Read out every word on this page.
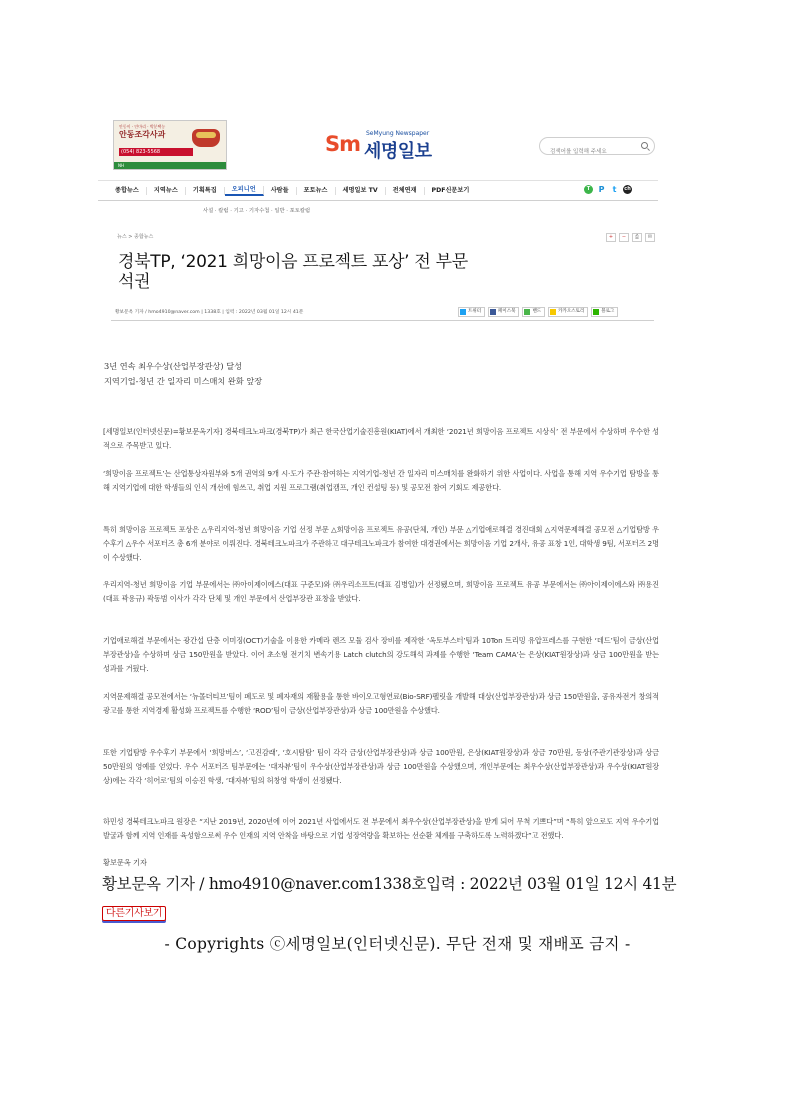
안동이 · 안마리 · 박분택농
안동조각사과
(054) 823-5568
NH
Sm SeMyung Newspaper
세명일보
검색어를 입력해 주세요
종합뉴스	지역뉴스	기획특집	오피니언	사람들	포토뉴스	세명일보 TV	전체연재	PDF신문보기	T	P	t	ch
사설 · 칼럼 · 기고 · 기자수첩 · 일반 · 포토칼럼
뉴스 > 종합뉴스	+	−	⎙	✉
경북TP, ‘2021 희망이음 프로젝트 포상’ 전 부문 석권
황보문옥 기자 / hmo4910@naver.com | 1338호 | 입력 : 2022년 03월 01일 12시 41분	트위터	페이스북	밴드	카카오스토리	블로그
3년 연속 최우수상(산업부장관상) 달성
지역기업-청년 간 일자리 미스매치 완화 앞장
[세명일보(인터넷신문)=황보문옥기자] 경북테크노파크(경북TP)가 최근 한국산업기술진흥원(KIAT)에서 개최한 ‘2021년 희망이음 프로젝트 시상식’ 전 부문에서 수상하며 우수한 성적으로 주목받고 있다.
‘희망이음 프로젝트’는 산업통상자원부와 5개 권역의 9개 시·도가 주관·참여하는 지역기업-청년 간 일자리 미스매치를 완화하기 위한 사업이다. 사업을 통해 지역 우수기업 탐방을 통해 지역기업에 대한 학생들의 인식 개선에 힘쓰고, 취업 지원 프로그램(취업캠프, 개인 컨설팅 등) 및 공모전 참여 기회도 제공한다.
특히 희망이음 프로젝트 포상은 △우리지역-청년 희망이음 기업 선정 부문 △희망이음 프로젝트 유공(단체, 개인) 부문 △기업애로해결 경진대회 △지역문제해결 공모전 △기업탐방 우수후기 △우수 서포터즈 총 6개 분야로 이뤄진다. 경북테크노파크가 주관하고 대구테크노파크가 참여한 대경권에서는 희망이음 기업 2개사, 유공 표창 1인, 대학생 9팀, 서포터즈 2명이 수상했다.
우리지역-청년 희망이음 기업 부문에서는 ㈜아이제이에스(대표 구준모)와 ㈜우리소프트(대표 김병일)가 선정됐으며, 희망이음 프로젝트 유공 부문에서는 ㈜아이제이에스와 ㈜용진(대표 곽용규) 곽동범 이사가 각각 단체 및 개인 부문에서 산업부장관 표창을 받았다.
기업애로해결 부문에서는 광간섭 단층 이미징(OCT)기술을 이용한 카메라 렌즈 모듈 검사 장비를 제작한 ‘옥토부스터’팀과 10Ton 트리밍 유압프레스를 구현한 ‘데드’팀이 금상(산업부장관상)을 수상하며 상금 150만원을 받았다. 이어 초소형 전기치 변속기용 Latch clutch의 강도해석 과제를 수행한 ‘Team CAMA’는 은상(KIAT원장상)과 상금 100만원을 받는 성과를 거뒀다.
지역문제해결 공모전에서는 ‘뉴몰더티브’팀이 폐도로 및 폐자재의 재활용을 통한 바이오고형연료(Bio-SRF)펠릿을 개발해 대상(산업부장관상)과 상금 150만원을, 공유자전거 창의적 광고를 통한 지역경제 활성화 프로젝트를 수행한 ‘ROD’팀이 금상(산업부장관상)과 상금 100만원을 수상했다.
또한 기업탐방 우수후기 부문에서 ‘희망버스’, ‘고진감래’, ‘호시탐탐’ 팀이 각각 금상(산업부장관상)과 상금 100만원, 은상(KIAT원장상)과 상금 70만원, 동상(주관기관장상)과 상금 50만원의 영예를 얻었다. 우수 서포터즈 팀부문에는 ‘대자뷰’팀이 우수상(산업부장관상)과 상금 100만원을 수상했으며, 개인부문에는 최우수상(산업부장관상)과 우수상(KIAT원장상)에는 각각 ‘히어로’팀의 이승진 학생, ‘대자뷰’팀의 허창영 학생이 선정됐다.
하민성 경북테크노파크 원장은 “지난 2019년, 2020년에 이어 2021년 사업에서도 전 부문에서 최우수상(산업부장관상)을 받게 되어 무척 기쁘다”며 “특히 앞으로도 지역 우수기업 발굴과 함께 지역 인재를 육성함으로써 우수 인재의 지역 안착을 바탕으로 기업 성장역량을 확보하는 선순환 체계를 구축하도록 노력하겠다”고 전했다.
황보문옥 기자
황보문옥 기자 / hmo4910@naver.com1338호입력 : 2022년 03월 01일 12시 41분 다른기사보기
- Copyrights ⓒ세명일보(인터넷신문). 무단 전재 및 재배포 금지 -
